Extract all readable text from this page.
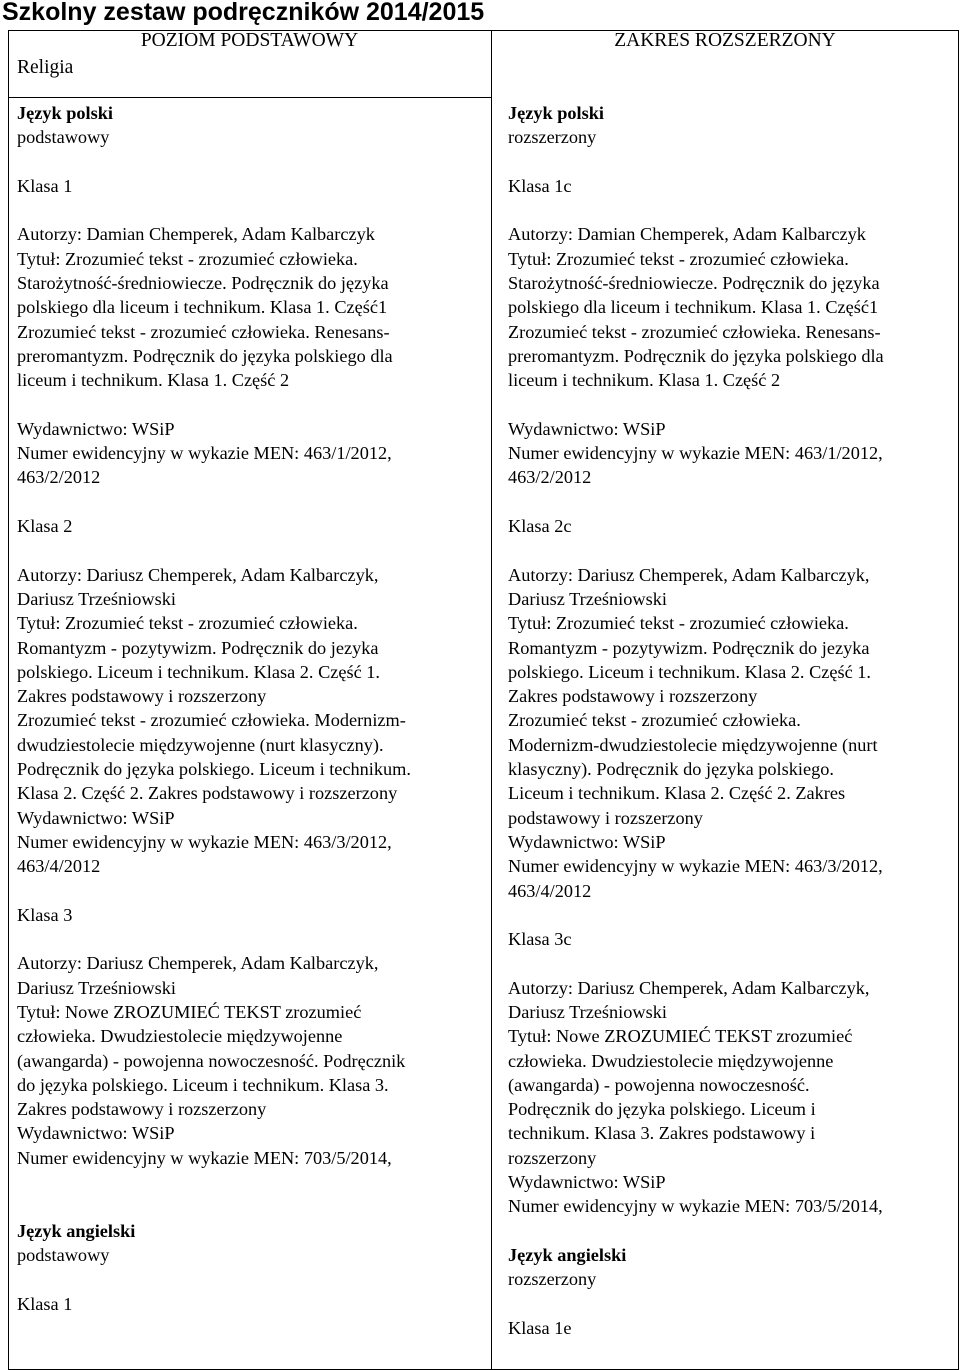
Szkolny zestaw podręczników 2014/2015
POZIOM PODSTAWOWY	ZAKRES ROZSZERZONY
Religia
Język polski
podstawowy
Klasa 1
Autorzy: Damian Chemperek, Adam Kalbarczyk
Tytuł: Zrozumieć tekst - zrozumieć człowieka.
Starożytność-średniowiecze. Podręcznik do języka
polskiego dla liceum i technikum. Klasa 1. Część1
Zrozumieć tekst - zrozumieć człowieka. Renesans-
preromantyzm. Podręcznik do języka polskiego dla
liceum i technikum. Klasa 1. Część 2
Wydawnictwo: WSiP
Numer ewidencyjny w wykazie MEN: 463/1/2012,
463/2/2012
Klasa 2
Autorzy: Dariusz Chemperek, Adam Kalbarczyk,
Dariusz Trześniowski
Tytuł: Zrozumieć tekst - zrozumieć człowieka.
Romantyzm - pozytywizm. Podręcznik do jezyka
polskiego. Liceum i technikum. Klasa 2. Część 1.
Zakres podstawowy i rozszerzony
Zrozumieć tekst - zrozumieć człowieka. Modernizm-
dwudziestolecie międzywojenne (nurt klasyczny).
Podręcznik do języka polskiego. Liceum i technikum.
Klasa 2. Część 2. Zakres podstawowy i rozszerzony
Wydawnictwo: WSiP
Numer ewidencyjny w wykazie MEN: 463/3/2012,
463/4/2012
Klasa 3
Autorzy: Dariusz Chemperek, Adam Kalbarczyk,
Dariusz Trześniowski
Tytuł: Nowe ZROZUMIEĆ TEKST zrozumieć
człowieka. Dwudziestolecie międzywojenne
(awangarda) - powojenna nowoczesność. Podręcznik
do języka polskiego. Liceum i technikum. Klasa 3.
Zakres podstawowy i rozszerzony
Wydawnictwo: WSiP
Numer ewidencyjny w wykazie MEN: 703/5/2014,
Język angielski
podstawowy
Klasa 1
Język polski
rozszerzony
Klasa 1c
Autorzy: Damian Chemperek, Adam Kalbarczyk
Tytuł: Zrozumieć tekst - zrozumieć człowieka.
Starożytność-średniowiecze. Podręcznik do języka
polskiego dla liceum i technikum. Klasa 1. Część1
Zrozumieć tekst - zrozumieć człowieka. Renesans-
preromantyzm. Podręcznik do języka polskiego dla
liceum i technikum. Klasa 1. Część 2
Wydawnictwo: WSiP
Numer ewidencyjny w wykazie MEN: 463/1/2012,
463/2/2012
Klasa 2c
Autorzy: Dariusz Chemperek, Adam Kalbarczyk,
Dariusz Trześniowski
Tytuł: Zrozumieć tekst - zrozumieć człowieka.
Romantyzm - pozytywizm. Podręcznik do jezyka
polskiego. Liceum i technikum. Klasa 2. Część 1.
Zakres podstawowy i rozszerzony
Zrozumieć tekst - zrozumieć człowieka.
Modernizm-dwudziestolecie międzywojenne (nurt
klasyczny). Podręcznik do języka polskiego.
Liceum i technikum. Klasa 2. Część 2. Zakres
podstawowy i rozszerzony
Wydawnictwo: WSiP
Numer ewidencyjny w wykazie MEN: 463/3/2012,
463/4/2012
Klasa 3c
Autorzy: Dariusz Chemperek, Adam Kalbarczyk,
Dariusz Trześniowski
Tytuł: Nowe ZROZUMIEĆ TEKST zrozumieć
człowieka. Dwudziestolecie międzywojenne
(awangarda) - powojenna nowoczesność.
Podręcznik do języka polskiego. Liceum i
technikum. Klasa 3. Zakres podstawowy i
rozszerzony
Wydawnictwo: WSiP
Numer ewidencyjny w wykazie MEN: 703/5/2014,
Język angielski
rozszerzony
Klasa 1e
